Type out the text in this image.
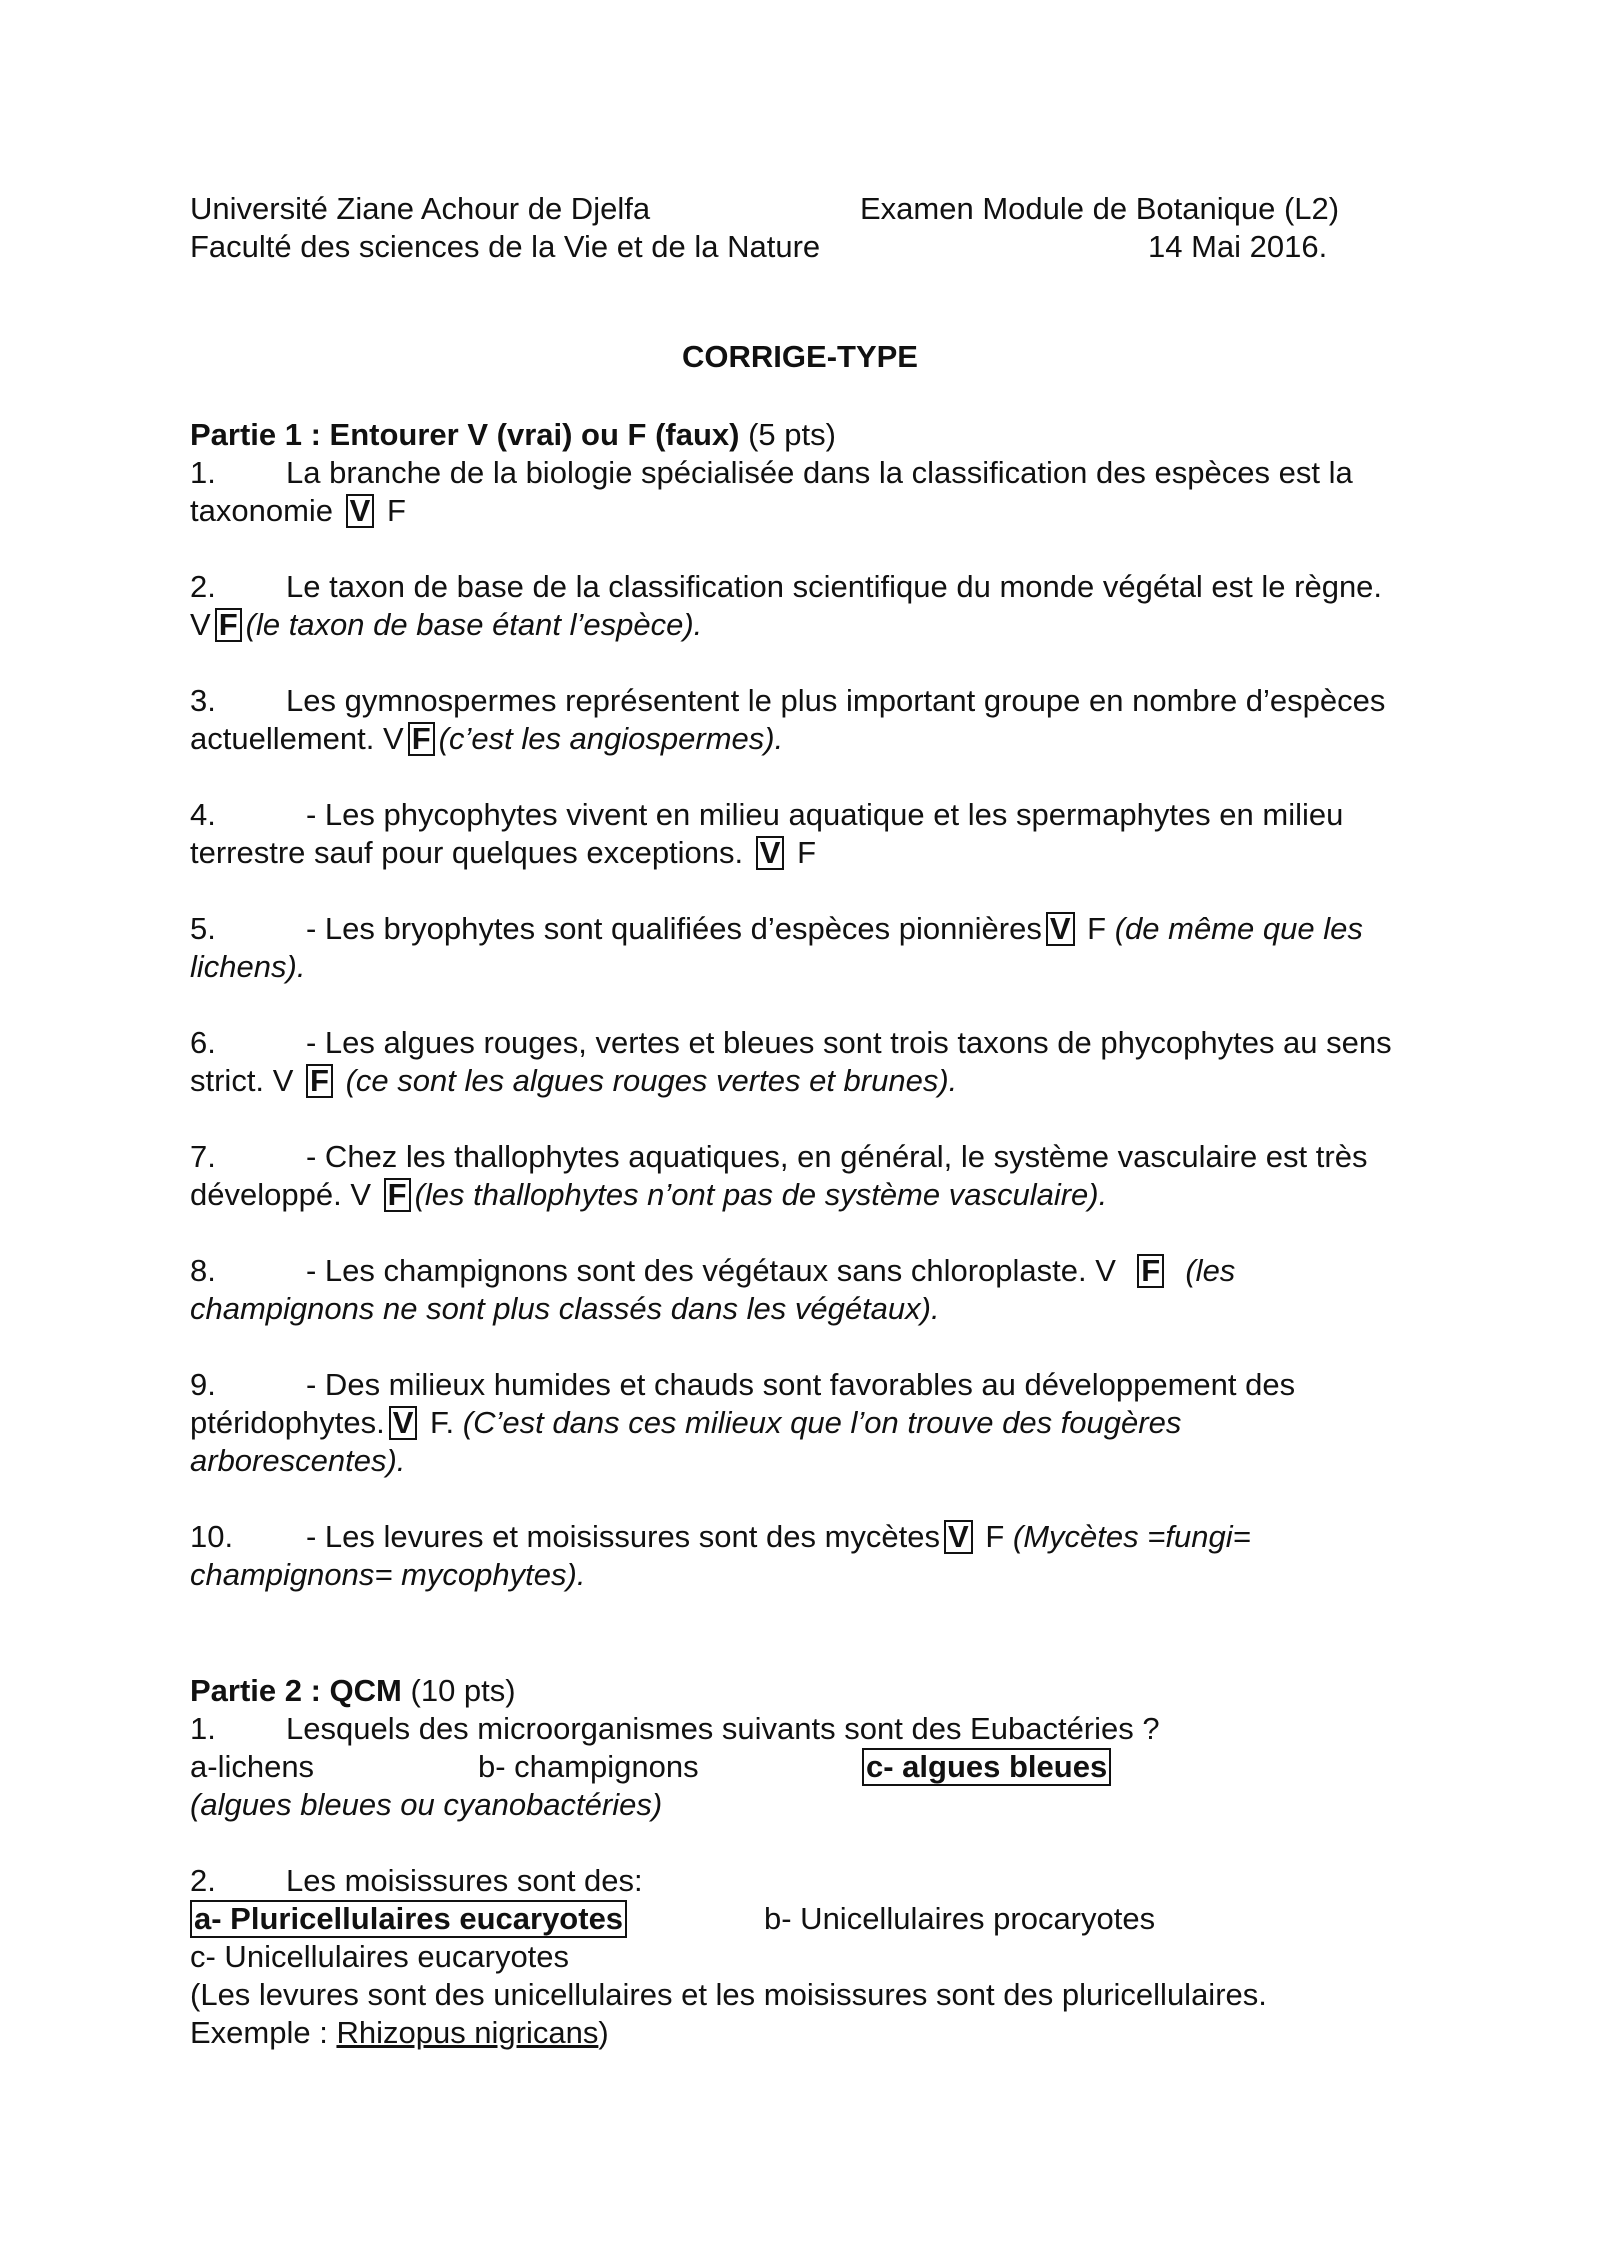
Université Ziane Achour de Djelfa	Examen Module de Botanique (L2)
Faculté des sciences de la Vie et de la Nature	14 Mai 2016.
CORRIGE-TYPE
Partie 1 : Entourer V (vrai) ou F (faux) (5 pts)
1. La branche de la biologie spécialisée dans la classification des espèces est la
taxonomie V F
2. Le taxon de base de la classification scientifique du monde végétal est le règne.
V F (le taxon de base étant l’espèce).
3. Les gymnospermes représentent le plus important groupe en nombre d’espèces
actuellement. V F (c’est les angiospermes).
4.	- Les phycophytes vivent en milieu aquatique et les spermaphytes en milieu
terrestre sauf pour quelques exceptions. V F
5.	- Les bryophytes sont qualifiées d’espèces pionnières V F (de même que les
lichens).
6.	- Les algues rouges, vertes et bleues sont trois taxons de phycophytes au sens
strict. V F (ce sont les algues rouges vertes et brunes).
7.	- Chez les thallophytes aquatiques, en général, le système vasculaire est très
développé. V F (les thallophytes n’ont pas de système vasculaire).
8.	- Les champignons sont des végétaux sans chloroplaste. V F (les
champignons ne sont plus classés dans les végétaux).
9.	- Des milieux humides et chauds sont favorables au développement des
ptéridophytes. V F. (C’est dans ces milieux que l’on trouve des fougères
arborescentes).
10. - Les levures et moisissures sont des mycètes V F (Mycètes =fungi=
champignons= mycophytes).
Partie 2 : QCM (10 pts)
1. Lesquels des microorganismes suivants sont des Eubactéries ?
a-lichens	b- champignons	c- algues bleues
(algues bleues ou cyanobactéries)
2. Les moisissures sont des:
a- Pluricellulaires eucaryotes	b- Unicellulaires procaryotes
c- Unicellulaires eucaryotes
(Les levures sont des unicellulaires et les moisissures sont des pluricellulaires.
Exemple : Rhizopus nigricans)
